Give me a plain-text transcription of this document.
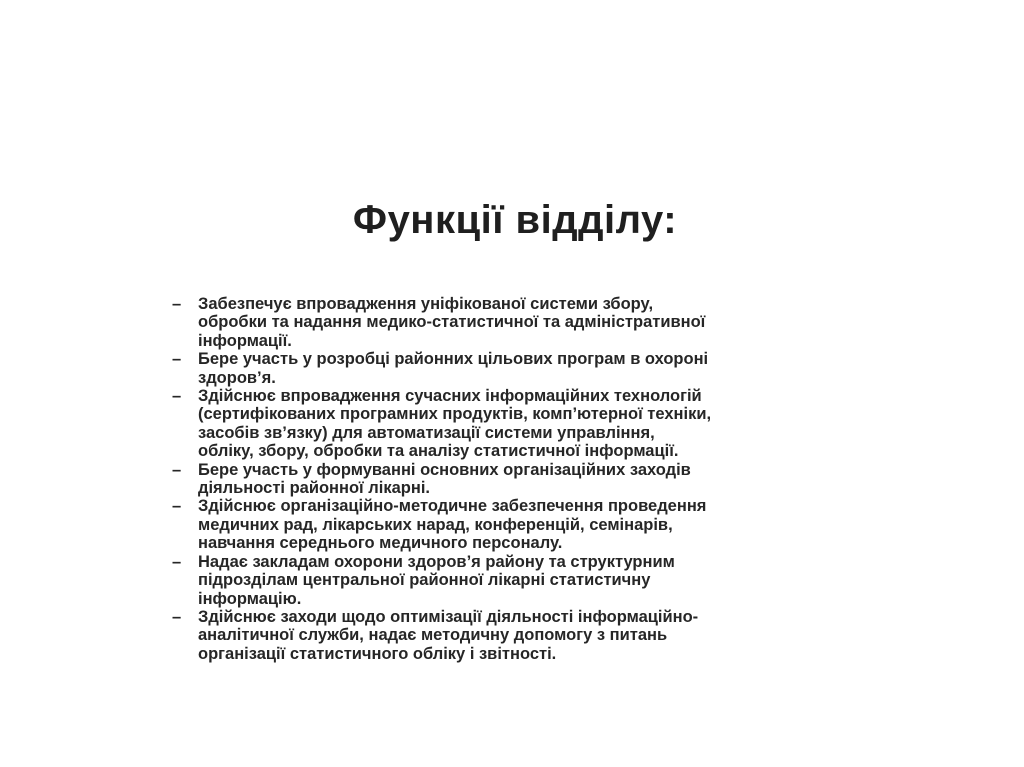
Функції відділу:
–	Забезпечує впровадження уніфікованої системи збору,
обробки та надання медико-статистичної та адміністративної
інформації.
–	Бере участь у розробці районних цільових програм в охороні
здоров’я.
–	Здійснює впровадження сучасних інформаційних технологій
(сертифікованих програмних продуктів, комп’ютерної техніки,
засобів зв’язку) для автоматизації системи управління,
обліку, збору, обробки та аналізу статистичної інформації.
–	Бере участь у формуванні основних організаційних заходів
діяльності районної лікарні.
–	Здійснює організаційно-методичне забезпечення проведення
медичних рад, лікарських нарад, конференцій, семінарів,
навчання середнього медичного персоналу.
–	Надає закладам охорони здоров’я району та структурним
підрозділам центральної районної лікарні статистичну
інформацію.
–	Здійснює заходи щодо оптимізації діяльності інформаційно-
аналітичної служби, надає методичну допомогу з питань
організації статистичного обліку і звітності.
